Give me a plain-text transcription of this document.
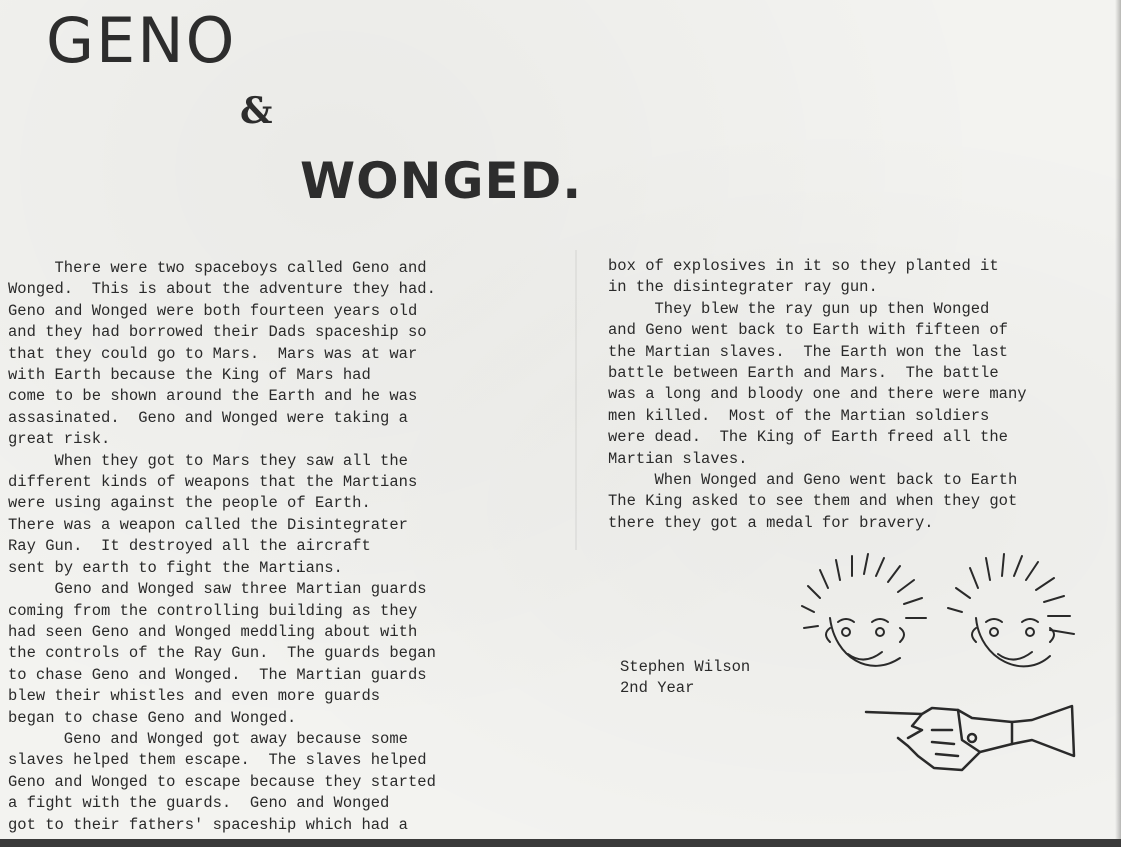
GENO
&
WONGED.

There were two spaceboys called Geno and

Wonged.  This is about the adventure they had.

Geno and Wonged were both fourteen years old

and they had borrowed their Dads spaceship so

that they could go to Mars.  Mars was at war

with Earth because the King of Mars had

come to be shown around the Earth and he was

assasinated.  Geno and Wonged were taking a

great risk.

When they got to Mars they saw all the

different kinds of weapons that the Martians

were using against the people of Earth.

There was a weapon called the Disintegrater

Ray Gun.  It destroyed all the aircraft

sent by earth to fight the Martians.

Geno and Wonged saw three Martian guards

coming from the controlling building as they

had seen Geno and Wonged meddling about with

the controls of the Ray Gun.  The guards began

to chase Geno and Wonged.  The Martian guards

blew their whistles and even more guards

began to chase Geno and Wonged.

Geno and Wonged got away because some

slaves helped them escape.  The slaves helped

Geno and Wonged to escape because they started

a fight with the guards.  Geno and Wonged

got to their fathers' spaceship which had a

box of explosives in it so they planted it

in the disintegrater ray gun.

They blew the ray gun up then Wonged

and Geno went back to Earth with fifteen of

the Martian slaves.  The Earth won the last

battle between Earth and Mars.  The battle

was a long and bloody one and there were many

men killed.  Most of the Martian soldiers

were dead.  The King of Earth freed all the

Martian slaves.

When Wonged and Geno went back to Earth

The King asked to see them and when they got

there they got a medal for bravery.

Stephen Wilson
2nd Year
